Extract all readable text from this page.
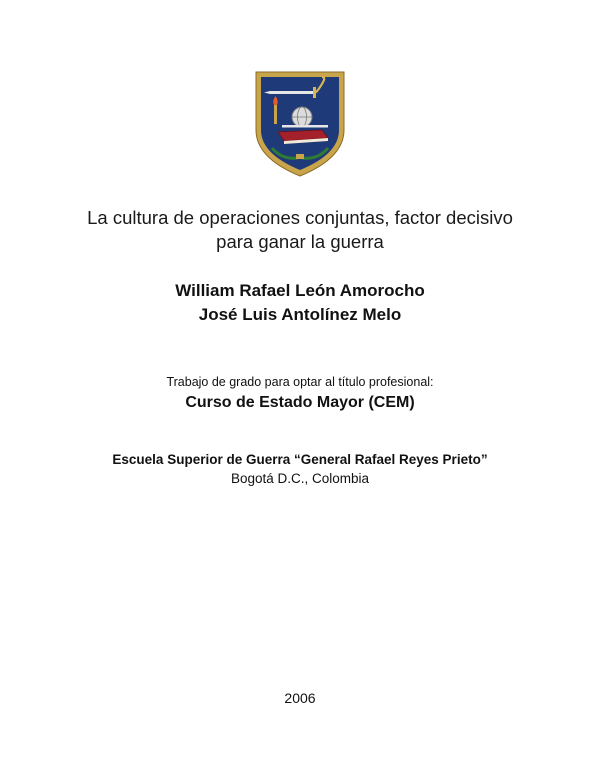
La cultura de operaciones conjuntas, factor decisivo
para ganar la guerra
William Rafael León Amorocho
José Luis Antolínez Melo
Trabajo de grado para optar al título profesional:
Curso de Estado Mayor (CEM)
Escuela Superior de Guerra “General Rafael Reyes Prieto”
Bogotá D.C., Colombia
2006
